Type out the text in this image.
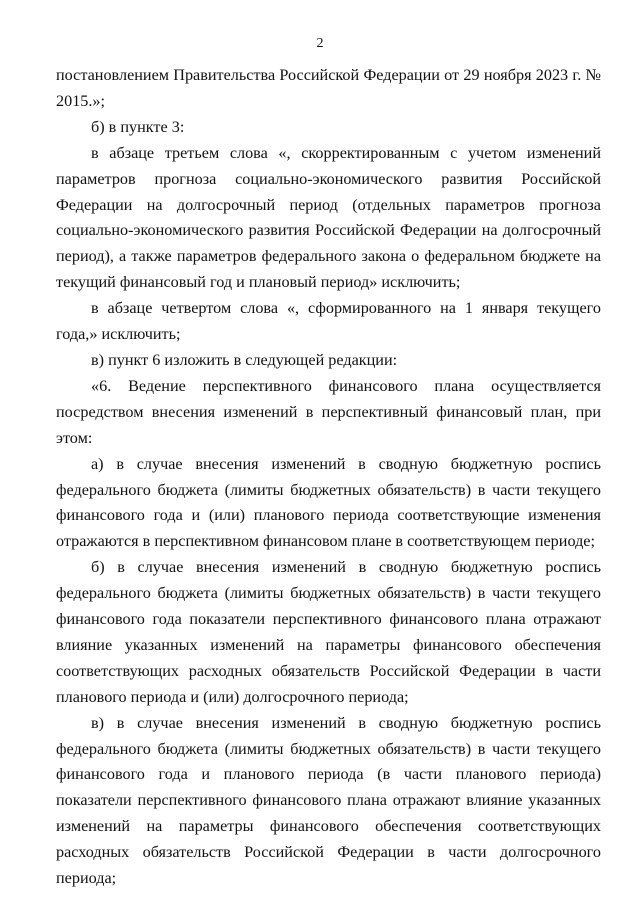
2

постановлением Правительства Российской Федерации от 29 ноября 2023 г. № 2015.»;

б) в пункте 3:

в абзаце третьем слова «, скорректированным с учетом изменений параметров прогноза социально-экономического развития Российской Федерации на долгосрочный период (отдельных параметров прогноза социально-экономического развития Российской Федерации на долгосрочный период), а также параметров федерального закона о федеральном бюджете на текущий финансовый год и плановый период» исключить;

в абзаце четвертом слова «, сформированного на 1 января текущего года,» исключить;

в) пункт 6 изложить в следующей редакции:

«6. Ведение перспективного финансового плана осуществляется посредством внесения изменений в перспективный финансовый план, при этом:

а) в случае внесения изменений в сводную бюджетную роспись федерального бюджета (лимиты бюджетных обязательств) в части текущего финансового года и (или) планового периода соответствующие изменения отражаются в перспективном финансовом плане в соответствующем периоде;

б) в случае внесения изменений в сводную бюджетную роспись федерального бюджета (лимиты бюджетных обязательств) в части текущего финансового года показатели перспективного финансового плана отражают влияние указанных изменений на параметры финансового обеспечения соответствующих расходных обязательств Российской Федерации в части планового периода и (или) долгосрочного периода;

в) в случае внесения изменений в сводную бюджетную роспись федерального бюджета (лимиты бюджетных обязательств) в части текущего финансового года и планового периода (в части планового периода) показатели перспективного финансового плана отражают влияние указанных изменений на параметры финансового обеспечения соответствующих расходных обязательств Российской Федерации в части долгосрочного периода;
